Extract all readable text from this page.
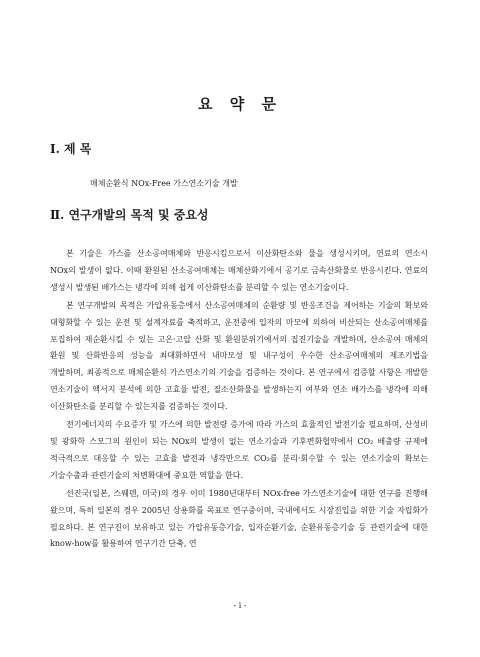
요 약 문
I. 제 목
매체순환식 NOx-Free 가스연소기술 개발
Ⅱ. 연구개발의 목적 및 중요성

본 기술은 가스를 산소공여매체와 반응시킴으로서 이산화탄소와 물을 생성시키며, 연료의 연소시 NOx의 발생이 없다. 이때 환원된 산소공여매체는 매체산화기에서 공기로 금속산화물로 반응시킨다. 연료의 생성시 발생된 배가스는 냉각에 의해 쉽게 이산화탄소를 분리할 수 있는 연소기술이다.

본 연구개발의 목적은 가압유동층에서 산소공여매체의 순환량 및 반응조건을 제어하는 기술의 확보와 대형화할 수 있는 운전 및 설계자료를 축적하고, 운전중에 입자의 마모에 의하여 비산되는 산소공여매체를 포집하여 재순환시킬 수 있는 고온·고압 산화 및 환원분위기에서의 집진기술을 개발하며, 산소공여 매체의 환원 및 산화반응의 성능을 최대화하면서 내마모성 및 내구성이 우수한 산소공여매체의 제조기법을 개발하며, 최종적으로 매체순환식 가스연소기의 기술을 검증하는 것이다. 본 연구에서 검증할 사항은 개발한 연소기술이 액서지 분석에 의한 고효율 발전, 질소산화물을 발생하는지 여부와 연소 배가스를 냉각에 의해 이산화탄소를 분리할 수 있는지를 검증하는 것이다.

전기에너지의 수요증가 및 가스에 의한 발전량 증가에 따라 가스의 효율적인 발전기술 필요하며, 산성비 및 광화학 스모그의 원인이 되는 NOx의 발생이 없는 연소기술과 기후변화협약에서 CO₂ 배출량 규제에 적극적으로 대응할 수 있는 고효율 발전과 냉각만으로 CO₂를 분리·회수할 수 있는 연소기술의 확보는 기술수출과 관련기술의 처변확대에 중요한 역할을 한다.

선진국(일본, 스웨덴, 미국)의 경우 이미 1980년대부터 NOx-free 가스연소기술에 대한 연구를 진행해 왔으며, 특히 일본의 경우 2005년 상용화를 목표로 연구중이며, 국내에서도 시장진입을 위한 기술 자립화가 필요하다. 본 연구진이 보유하고 있는 가압유동층기술, 입자순환기술, 순환유동층기술 등 관련기술에 대한 know-how를 활용하여 연구기간 단축, 연

- i -
